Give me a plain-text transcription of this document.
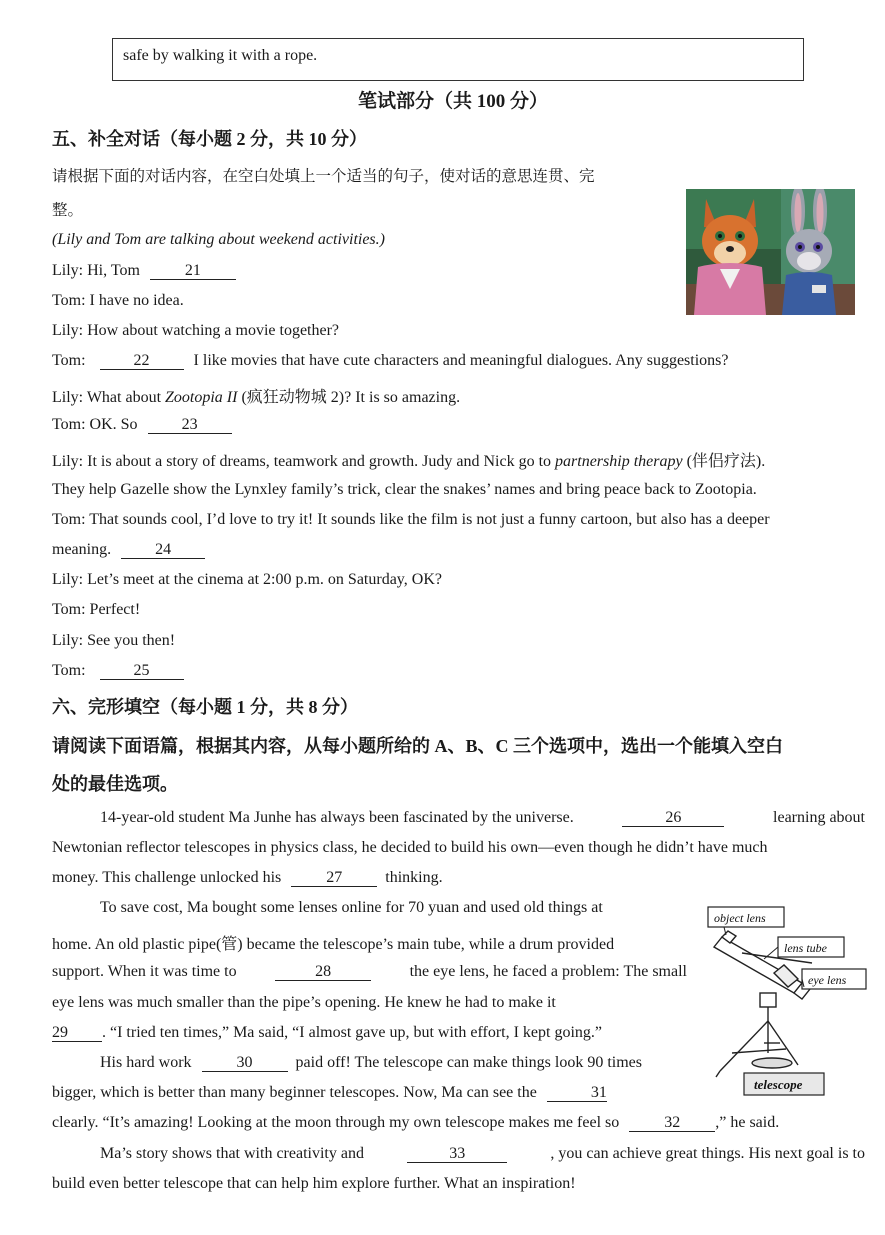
safe by walking it with a rope.
笔试部分（共 100 分）
五、补全对话（每小题 2 分，共 10 分）
请根据下面的对话内容，在空白处填上一个适当的句子，使对话的意思连贯、完
整。
(Lily and Tom are talking about weekend activities.)
Lily: Hi, Tom	21
Tom: I have no idea.
Lily: How about watching a movie together?
Tom:	22	I like movies that have cute characters and meaningful dialogues. Any suggestions?
Lily: What about Zootopia II (疯狂动物城 2)? It is so amazing.
Tom: OK. So	23
Lily: It is about a story of dreams, teamwork and growth. Judy and Nick go to partnership therapy (伴侣疗法).
They help Gazelle show the Lynxley family’s trick, clear the snakes’ names and bring peace back to Zootopia.
Tom: That sounds cool, I’d love to try it! It sounds like the film is not just a funny cartoon, but also has a deeper
meaning.	24
Lily: Let’s meet at the cinema at 2:00 p.m. on Saturday, OK?
Tom: Perfect!
Lily: See you then!
Tom:	25
六、完形填空（每小题 1 分，共 8 分）
请阅读下面语篇，根据其内容，从每小题所给的 A、B、C 三个选项中，选出一个能填入空白
处的最佳选项。
14-year-old student Ma Junhe has always been fascinated by the universe.	26	learning about
Newtonian reflector telescopes in physics class, he decided to build his own—even though he didn’t have much
money. This challenge unlocked his	27	thinking.
To save cost, Ma bought some lenses online for 70 yuan and used old things at
home. An old plastic pipe(管) became the telescope’s main tube, while a drum provided
support. When it was time to	28	the eye lens, he faced a problem: The small
eye lens was much smaller than the pipe’s opening. He knew he had to make it
29 . “I tried ten times,” Ma said, “I almost gave up, but with effort, I kept going.”
His hard work	30	paid off! The telescope can make things look 90 times
bigger, which is better than many beginner telescopes. Now, Ma can see the	31
clearly. “It’s amazing! Looking at the moon through my own telescope makes me feel so	32 ,” he said.
Ma’s story shows that with creativity and	33	, you can achieve great things. His next goal is to
build even better telescope that can help him explore further. What an inspiration!
object lens
lens tube
eye lens
telescope
